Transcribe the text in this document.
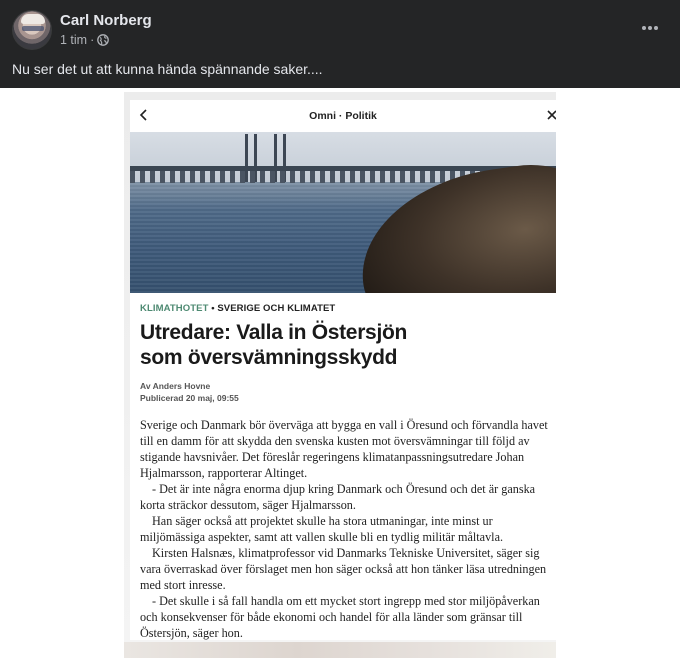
Carl Norberg
1 tim ·
Nu ser det ut att kunna hända spännande saker....
Omni · Politik
KLIMATHOTET • SVERIGE OCH KLIMATET
Utredare: Valla in Östersjön
som översvämningsskydd
Av Anders Hovne
Publicerad 20 maj, 09:55

Sverige och Danmark bör överväga att bygga en vall i Öresund och förvandla havet till en damm för att skydda den svenska kusten mot översvämningar till följd av stigande havsnivåer. Det föreslår regeringens klimatanpassningsutredare Johan Hjalmarsson, rapporterar Altinget.

- Det är inte några enorma djup kring Danmark och Öresund och det är ganska korta sträckor dessutom, säger Hjalmarsson.

Han säger också att projektet skulle ha stora utmaningar, inte minst ur miljömässiga aspekter, samt att vallen skulle bli en tydlig militär måltavla.

Kirsten Halsnæs, klimatprofessor vid Danmarks Tekniske Universitet, säger sig vara överraskad över förslaget men hon säger också att hon tänker läsa utredningen med stort inresse.

- Det skulle i så fall handla om ett mycket stort ingrepp med stor miljöpåverkan och konsekvenser för både ekonomi och handel för alla länder som gränsar till Östersjön, säger hon.
